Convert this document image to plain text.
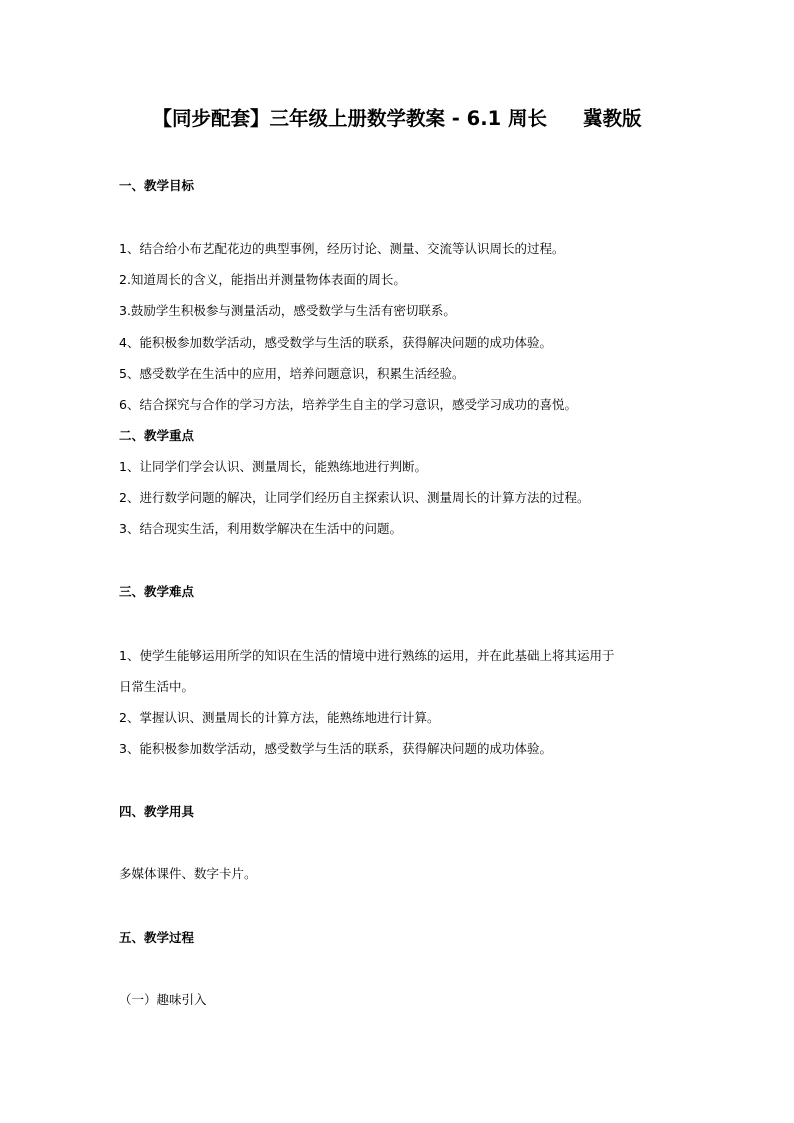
【同步配套】三年级上册数学教案 - 6.1 周长 冀教版
一、教学目标
1、结合给小布艺配花边的典型事例，经历讨论、测量、交流等认识周长的过程。
2.知道周长的含义，能指出并测量物体表面的周长。
3.鼓励学生积极参与测量活动，感受数学与生活有密切联系。
4、能积极参加数学活动，感受数学与生活的联系，获得解决问题的成功体验。
5、感受数学在生活中的应用，培养问题意识，积累生活经验。
6、结合探究与合作的学习方法，培养学生自主的学习意识，感受学习成功的喜悦。
二、教学重点
1、让同学们学会认识、测量周长，能熟练地进行判断。
2、进行数学问题的解决，让同学们经历自主探索认识、测量周长的计算方法的过程。
3、结合现实生活，利用数学解决在生活中的问题。
三、教学难点
1、使学生能够运用所学的知识在生活的情境中进行熟练的运用，并在此基础上将其运用于
日常生活中。
2、掌握认识、测量周长的计算方法，能熟练地进行计算。
3、能积极参加数学活动，感受数学与生活的联系，获得解决问题的成功体验。
四、教学用具
多媒体课件、数字卡片。
五、教学过程
（一）趣味引入
